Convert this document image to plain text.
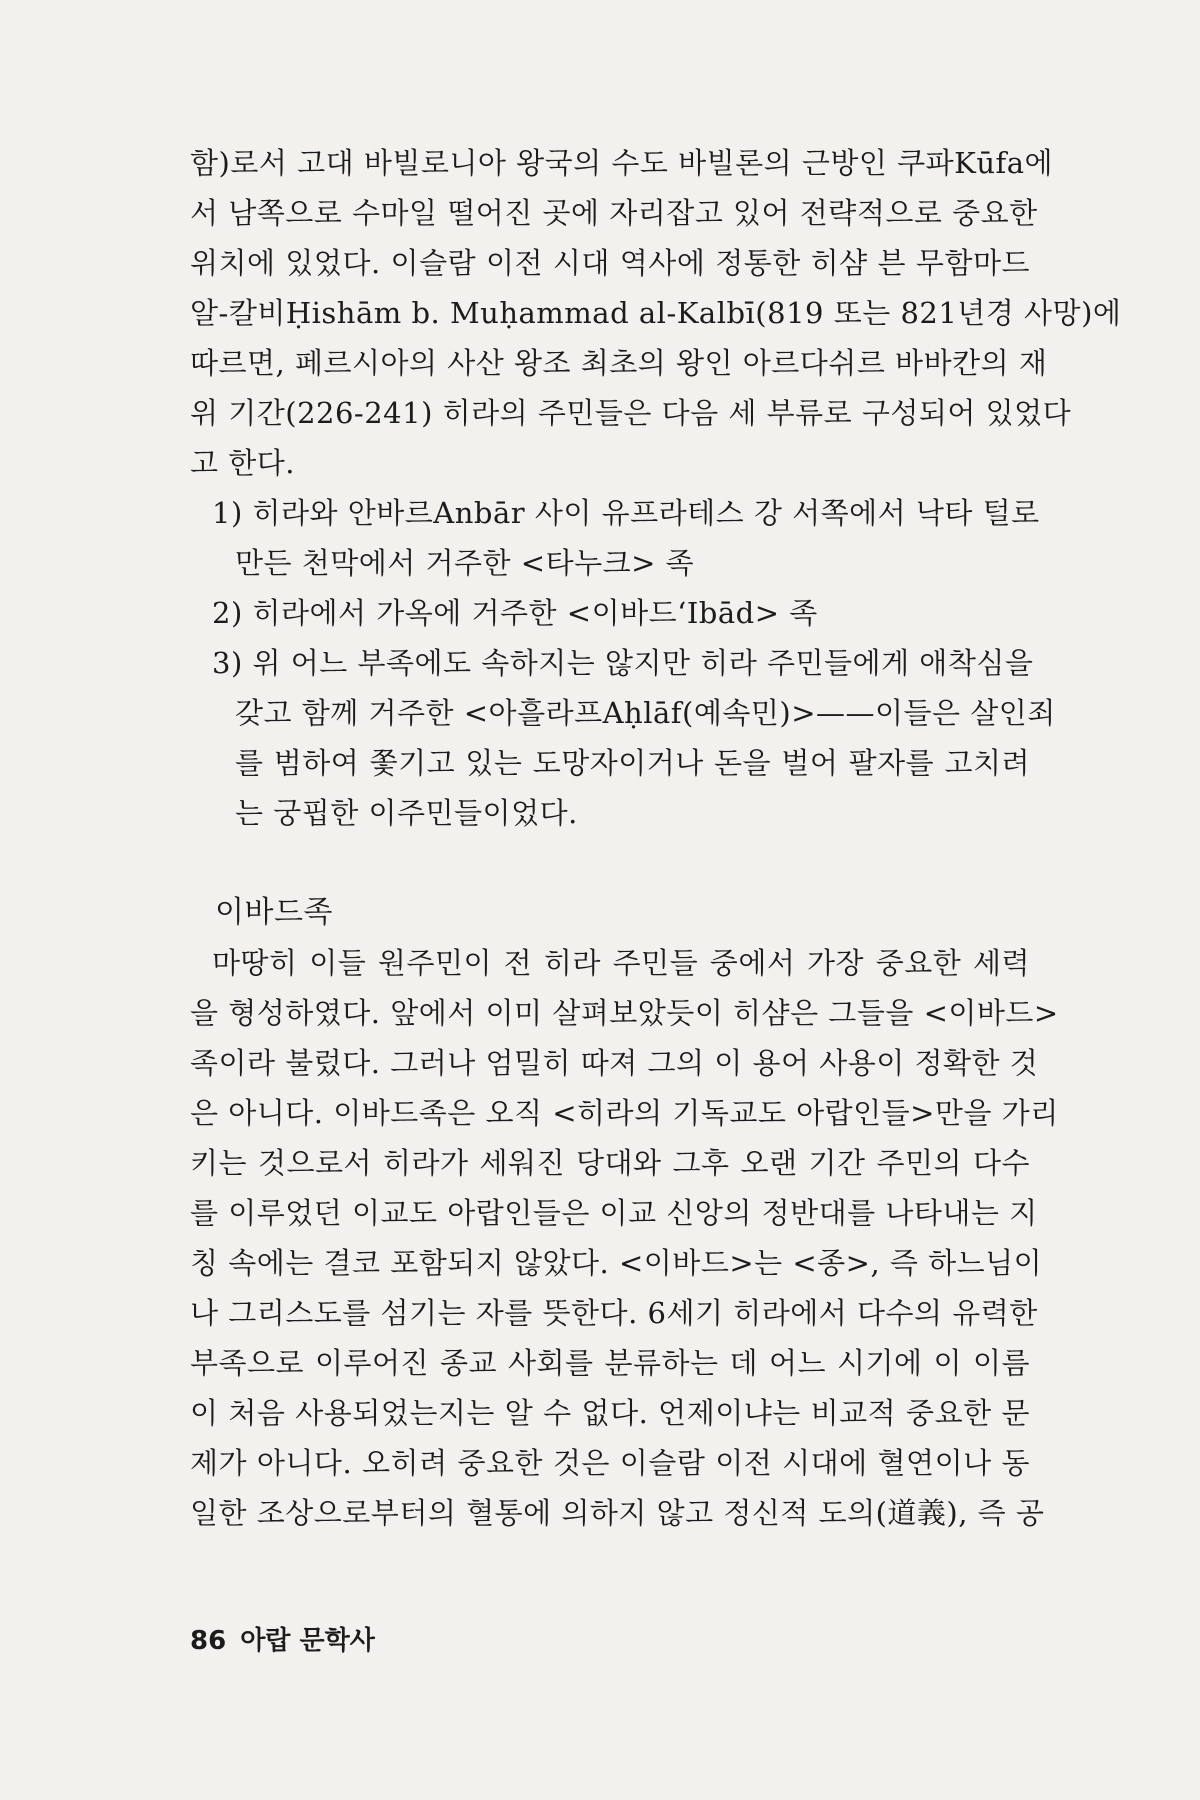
함)로서 고대 바빌로니아 왕국의 수도 바빌론의 근방인 쿠파Kūfa에

서 남쪽으로 수마일 떨어진 곳에 자리잡고 있어 전략적으로 중요한

위치에 있었다. 이슬람 이전 시대 역사에 정통한 히샴 븐 무함마드

알-칼비Ḥishām b. Muḥammad al-Kalbī(819 또는 821년경 사망)에

따르면, 페르시아의 사산 왕조 최초의 왕인 아르다쉬르 바바칸의 재

위 기간(226-241) 히라의 주민들은 다음 세 부류로 구성되어 있었다

고 한다.

1) 히라와 안바르Anbār 사이 유프라테스 강 서쪽에서 낙타 털로

만든 천막에서 거주한 <타누크> 족

2) 히라에서 가옥에 거주한 <이바드‘Ibād> 족

3) 위 어느 부족에도 속하지는 않지만 히라 주민들에게 애착심을

갖고 함께 거주한 <아흘라프Aḥlāf(예속민)>——이들은 살인죄

를 범하여 쫓기고 있는 도망자이거나 돈을 벌어 팔자를 고치려

는 궁핍한 이주민들이었다.

이바드족

마땅히 이들 원주민이 전 히라 주민들 중에서 가장 중요한 세력

을 형성하였다. 앞에서 이미 살펴보았듯이 히샴은 그들을 <이바드>

족이라 불렀다. 그러나 엄밀히 따져 그의 이 용어 사용이 정확한 것

은 아니다. 이바드족은 오직 <히라의 기독교도 아랍인들>만을 가리

키는 것으로서 히라가 세워진 당대와 그후 오랜 기간 주민의 다수

를 이루었던 이교도 아랍인들은 이교 신앙의 정반대를 나타내는 지

칭 속에는 결코 포함되지 않았다. <이바드>는 <종>, 즉 하느님이

나 그리스도를 섬기는 자를 뜻한다. 6세기 히라에서 다수의 유력한

부족으로 이루어진 종교 사회를 분류하는 데 어느 시기에 이 이름

이 처음 사용되었는지는 알 수 없다. 언제이냐는 비교적 중요한 문

제가 아니다. 오히려 중요한 것은 이슬람 이전 시대에 혈연이나 동

일한 조상으로부터의 혈통에 의하지 않고 정신적 도의(道義), 즉 공

86 아랍 문학사
